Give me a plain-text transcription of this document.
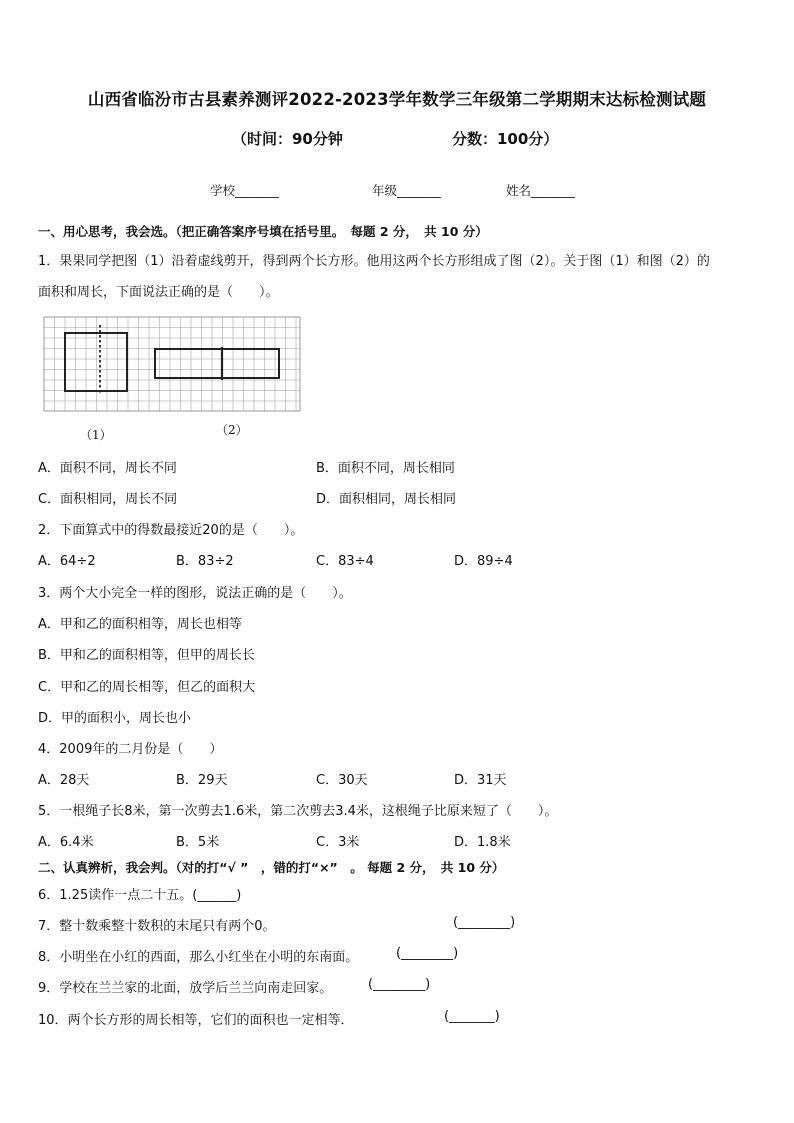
山西省临汾市古县素养测评2022-2023学年数学三年级第二学期期末达标检测试题
（时间：90分钟	分数：100分）
学校_______	年级_______	姓名_______
一、用心思考，我会选。（把正确答案序号填在括号里。　每题 2 分，　共 10 分）
1．果果同学把图（1）沿着虚线剪开，得到两个长方形。他用这两个长方形组成了图（2）。关于图（1）和图（2）的
面积和周长，下面说法正确的是（　　）。
（1）	（2）
A．面积不同，周长不同	B．面积不同，周长相同
C．面积相同，周长不同	D．面积相同，周长相同
2．下面算式中的得数最接近20的是（　　）。
A．64÷2	B．83÷2	C．83÷4	D．89÷4
3．两个大小完全一样的图形，说法正确的是（　　）。
A．甲和乙的面积相等，周长也相等
B．甲和乙的面积相等，但甲的周长长
C．甲和乙的周长相等，但乙的面积大
D．甲的面积小，周长也小
4．2009年的二月份是（　　）
A．28天	B．29天	C．30天	D．31天
5．一根绳子长8米，第一次剪去1.6米，第二次剪去3.4米，这根绳子比原来短了（　　）。
A．6.4米	B．5米	C．3米	D．1.8米
二、认真辨析，我会判。（对的打“√ ”　，错的打“×”　。 每题 2 分，　共 10 分）
6．1.25读作一点二十五。(______)
7．整十数乘整十数积的末尾只有两个0。	(________)
8．小明坐在小红的西面，那么小红坐在小明的东南面。	(________)
9．学校在兰兰家的北面，放学后兰兰向南走回家。	(________)
10．两个长方形的周长相等，它们的面积也一定相等．	(_______)
